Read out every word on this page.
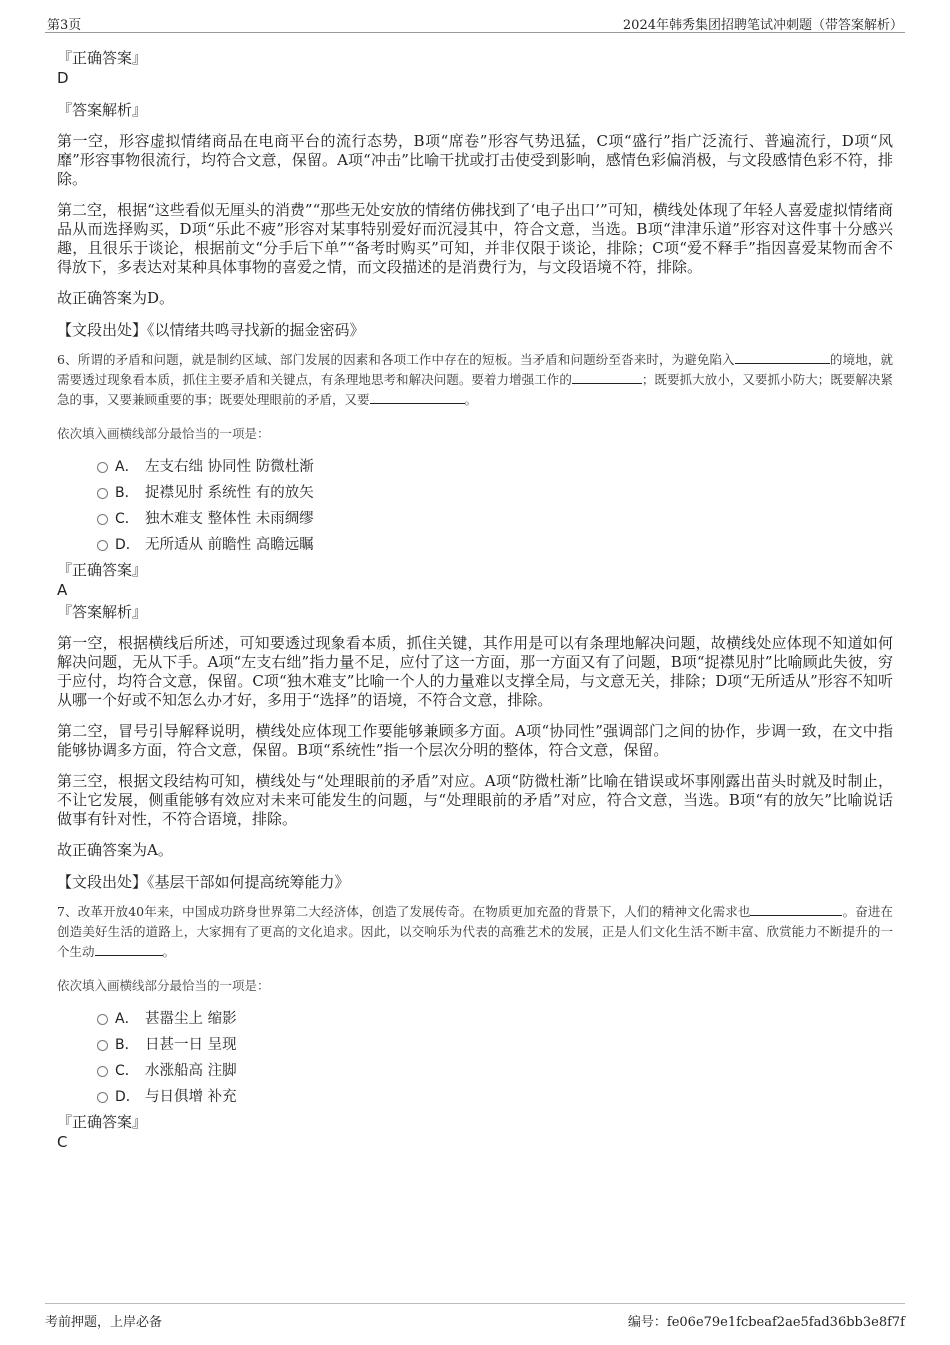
第3页	2024年韩秀集团招聘笔试冲刺题（带答案解析）

『正确答案』

D

『答案解析』

第一空，形容虚拟情绪商品在电商平台的流行态势，B项“席卷”形容气势迅猛，C项“盛行”指广泛流行、普遍流行，D项“风靡”形容事物很流行，均符合文意，保留。A项“冲击”比喻干扰或打击使受到影响，感情色彩偏消极，与文段感情色彩不符，排除。

第二空，根据“这些看似无厘头的消费”“那些无处安放的情绪仿佛找到了‘电子出口’”可知，横线处体现了年轻人喜爱虚拟情绪商品从而选择购买，D项“乐此不疲”形容对某事特别爱好而沉浸其中，符合文意，当选。B项“津津乐道”形容对这件事十分感兴趣，且很乐于谈论，根据前文“分手后下单”“备考时购买”可知，并非仅限于谈论，排除；C项“爱不释手”指因喜爱某物而舍不得放下，多表达对某种具体事物的喜爱之情，而文段描述的是消费行为，与文段语境不符，排除。

故正确答案为D。

【文段出处】《以情绪共鸣寻找新的掘金密码》

6、所谓的矛盾和问题，就是制约区域、部门发展的因素和各项工作中存在的短板。当矛盾和问题纷至沓来时，为避免陷入	的境地，就需要透过现象看本质，抓住主要矛盾和关键点，有条理地思考和解决问题。要着力增强工作的	；既要抓大放小，又要抓小防大；既要解决紧急的事，又要兼顾重要的事；既要处理眼前的矛盾，又要	。

依次填入画横线部分最恰当的一项是：

A． 左支右绌 协同性 防微杜渐
B． 捉襟见肘 系统性 有的放矢
C． 独木难支 整体性 未雨绸缪
D． 无所适从 前瞻性 高瞻远瞩

『正确答案』

A

『答案解析』

第一空，根据横线后所述，可知要透过现象看本质，抓住关键，其作用是可以有条理地解决问题，故横线处应体现不知道如何解决问题，无从下手。A项“左支右绌”指力量不足，应付了这一方面，那一方面又有了问题，B项“捉襟见肘”比喻顾此失彼，穷于应付，均符合文意，保留。C项“独木难支”比喻一个人的力量难以支撑全局，与文意无关，排除；D项“无所适从”形容不知听从哪一个好或不知怎么办才好，多用于“选择”的语境，不符合文意，排除。

第二空，冒号引导解释说明，横线处应体现工作要能够兼顾多方面。A项“协同性”强调部门之间的协作，步调一致，在文中指能够协调多方面，符合文意，保留。B项“系统性”指一个层次分明的整体，符合文意，保留。

第三空，根据文段结构可知，横线处与“处理眼前的矛盾”对应。A项“防微杜渐”比喻在错误或坏事刚露出苗头时就及时制止，不让它发展，侧重能够有效应对未来可能发生的问题，与“处理眼前的矛盾”对应，符合文意，当选。B项“有的放矢”比喻说话做事有针对性，不符合语境，排除。

故正确答案为A。

【文段出处】《基层干部如何提高统筹能力》

7、改革开放40年来，中国成功跻身世界第二大经济体，创造了发展传奇。在物质更加充盈的背景下，人们的精神文化需求也	。奋进在创造美好生活的道路上，大家拥有了更高的文化追求。因此，以交响乐为代表的高雅艺术的发展，正是人们文化生活不断丰富、欣赏能力不断提升的一个生动	。

依次填入画横线部分最恰当的一项是：

A． 甚嚣尘上 缩影
B． 日甚一日 呈现
C． 水涨船高 注脚
D． 与日俱增 补充

『正确答案』

C

考前押题，上岸必备	编号：fe06e79e1fcbeaf2ae5fad36bb3e8f7f
